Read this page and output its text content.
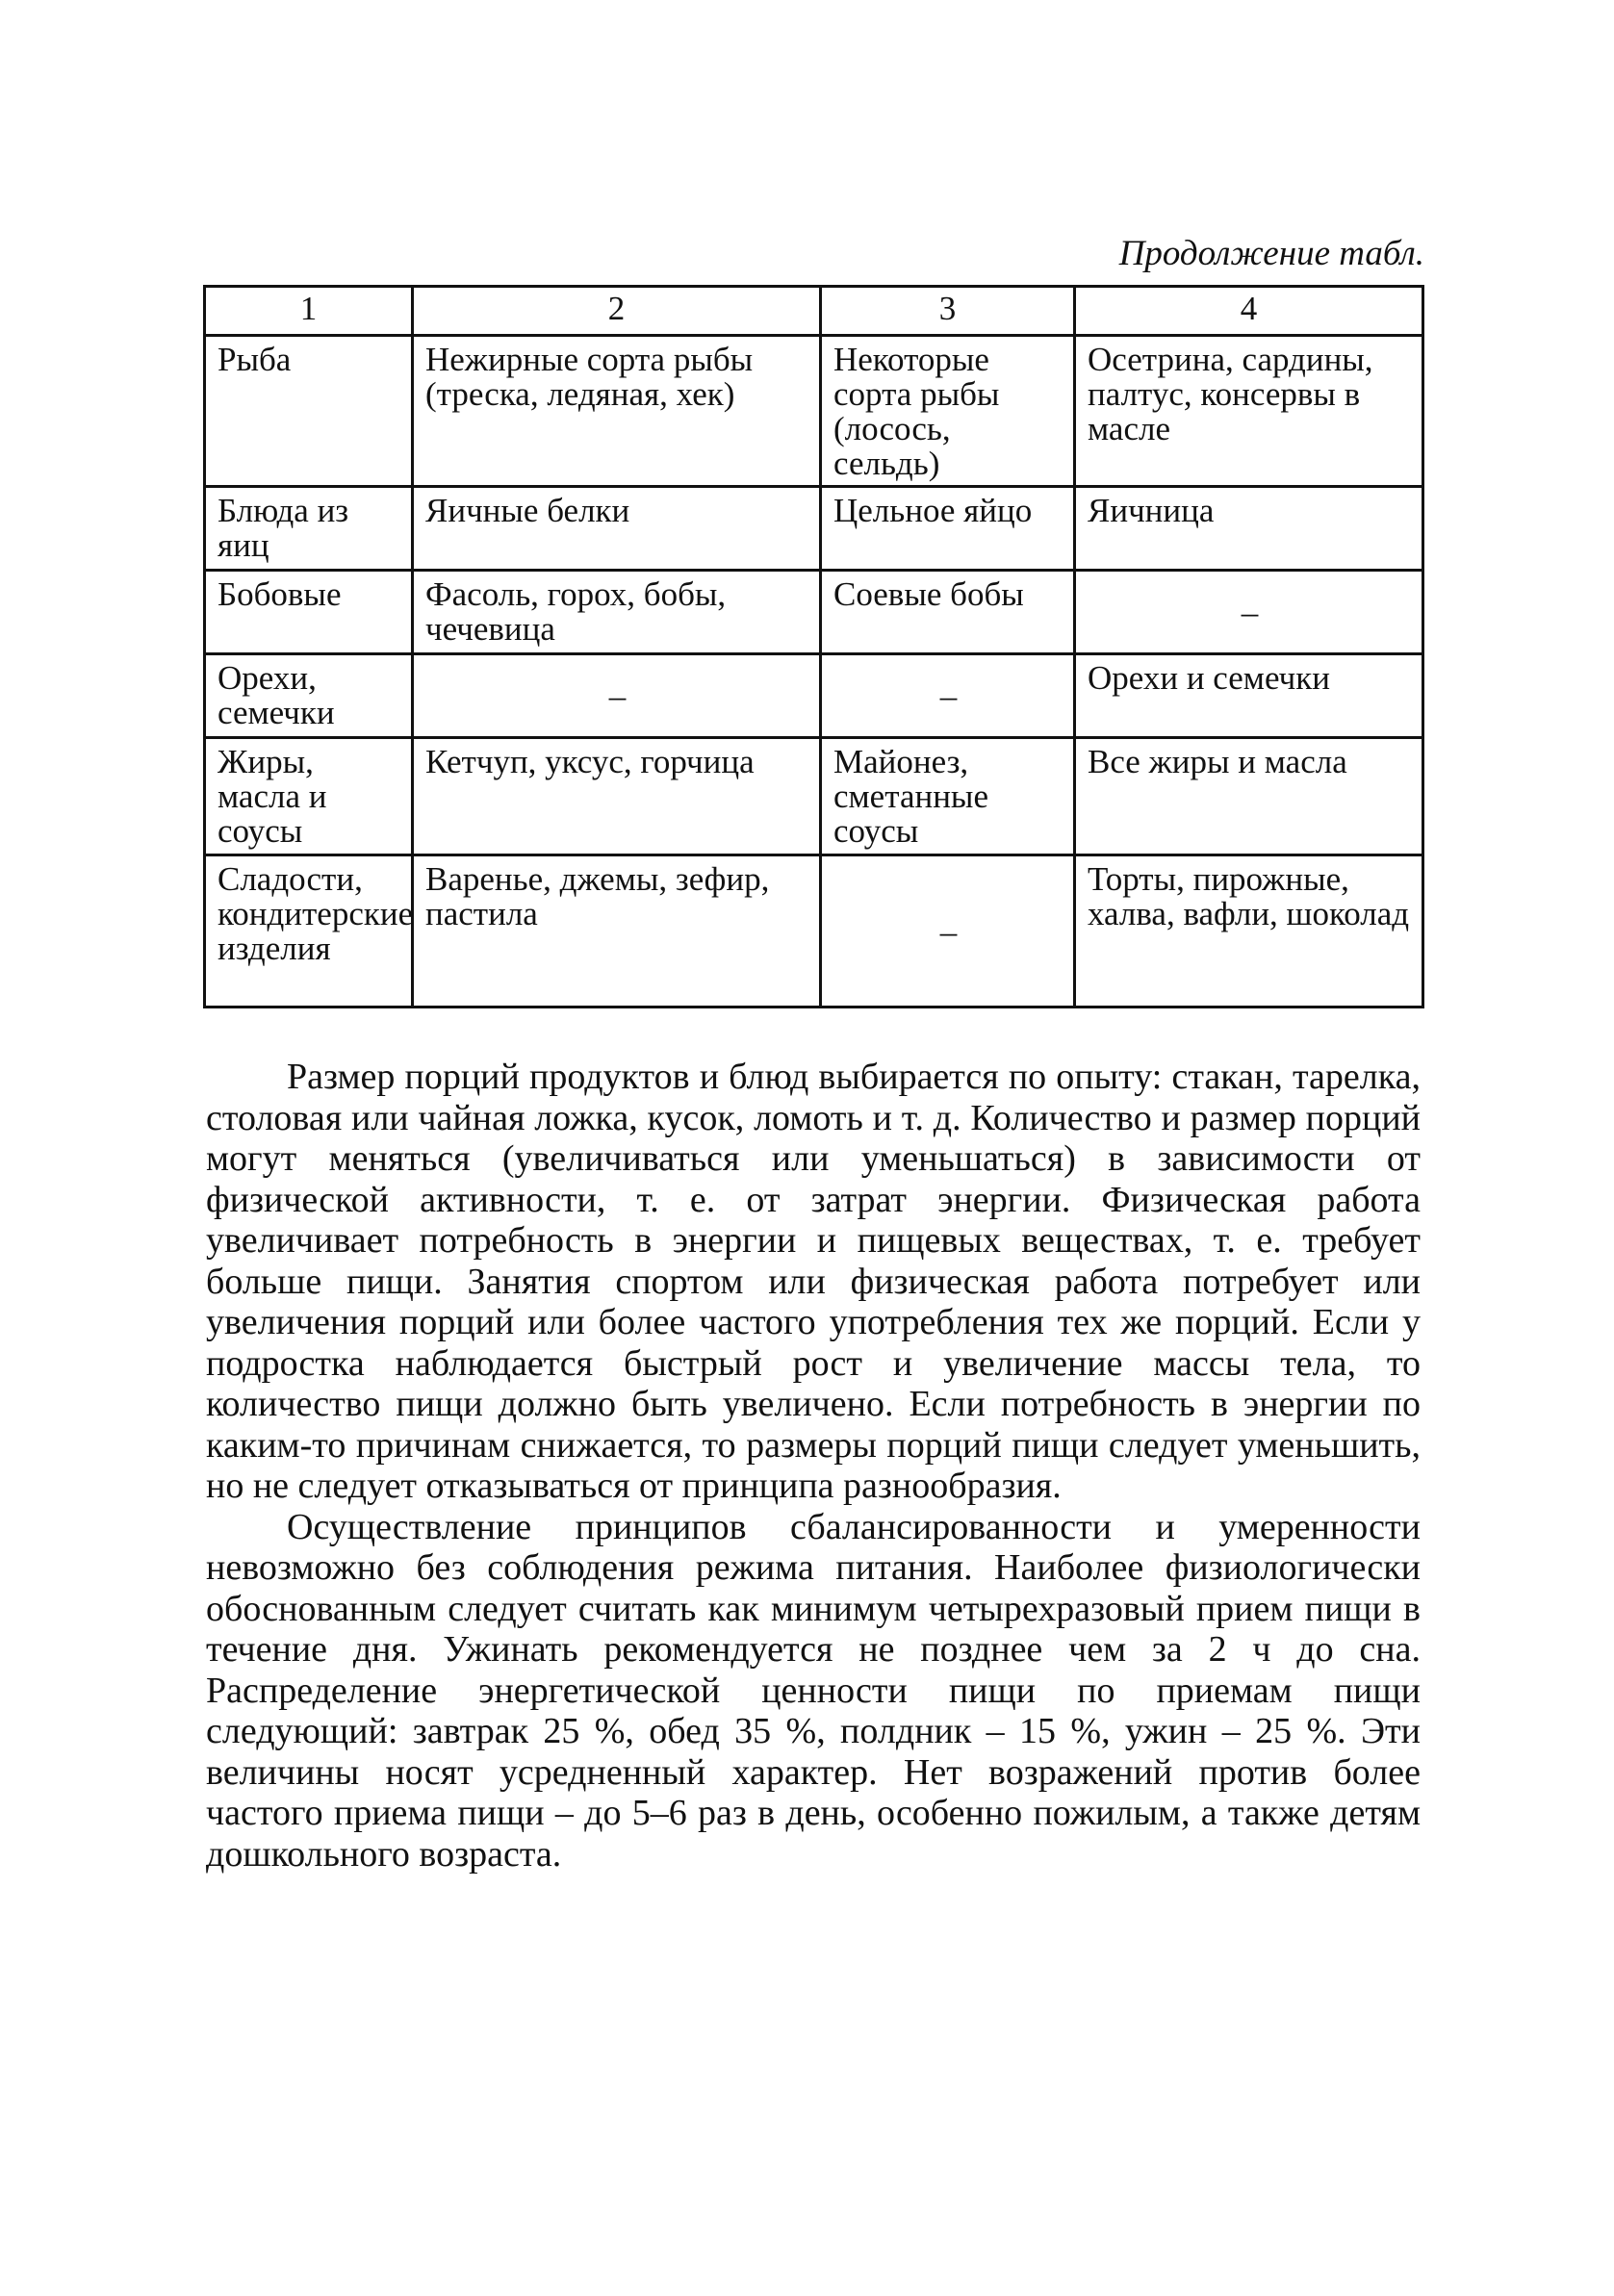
Продолжение табл.
1	2	3	4
Рыба	Нежирные сорта рыбы (треска, ледяная, хек)	Некоторые сорта рыбы (лосось, сельдь)	Осетрина, сардины, палтус, консервы в масле
Блюда из яиц	Яичные белки	Цельное яйцо	Яичница
Бобовые	Фасоль, горох, бобы, чечевица	Соевые бобы	–
Орехи, семечки	–	–	Орехи и семечки
Жиры, масла и соусы	Кетчуп, уксус, горчица	Майонез, сметанные соусы	Все жиры и масла
Сладости, кондитерские изделия	Варенье, джемы, зефир, пастила	–	Торты, пирожные, халва, вафли, шоколад

Размер порций продуктов и блюд выбирается по опыту: стакан, тарелка, столовая или чайная ложка, кусок, ломоть и т. д. Количество и размер порций могут меняться (увеличиваться или уменьшаться) в зависимости от физической активности, т. е. от затрат энергии. Физическая работа увеличивает потребность в энергии и пищевых веществах, т. е. требует больше пищи. Занятия спортом или физическая работа потребует или увеличения порций или более частого употребления тех же порций. Если у подростка наблюдается быстрый рост и увеличение массы тела, то количество пищи должно быть увеличено. Если потребность в энергии по каким-то причинам снижается, то размеры порций пищи следует уменьшить, но не следует отказываться от принципа разнообразия.

Осуществление принципов сбалансированности и умеренности невозможно без соблюдения режима питания. Наиболее физиологически обоснованным следует считать как минимум четырехразовый прием пищи в течение дня. Ужинать рекомендуется не позднее чем за 2 ч до сна. Распределение энергетической ценности пищи по приемам пищи следующий: завтрак 25 %, обед 35 %, полдник – 15 %, ужин – 25 %. Эти величины носят усредненный характер. Нет возражений против более частого приема пищи – до 5–6 раз в день, особенно пожилым, а также детям дошкольного возраста.
